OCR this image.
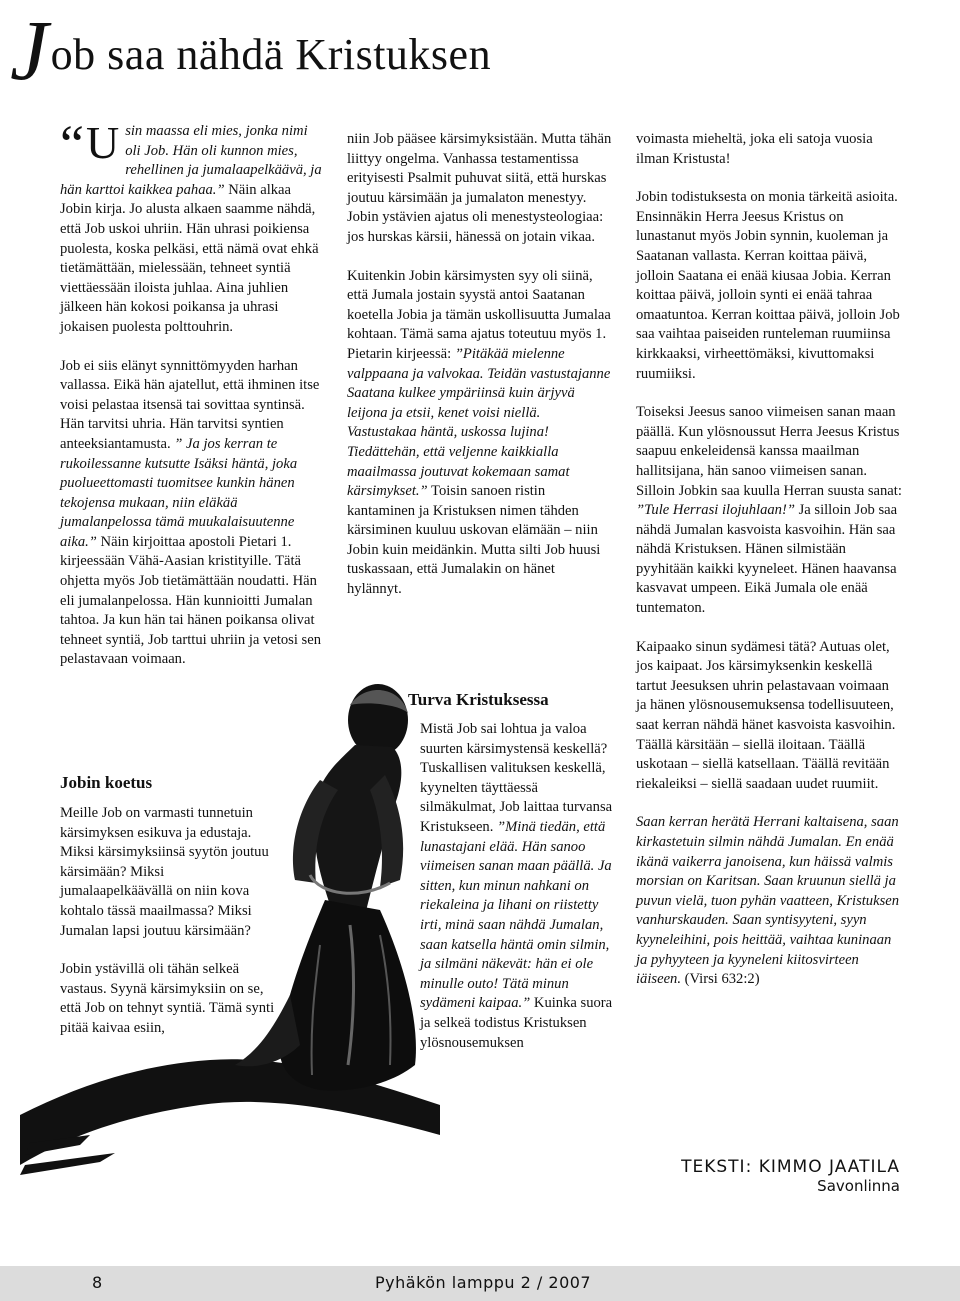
Job saa nähdä Kristuksen

“ U sin maassa eli mies, jonka nimi oli Job. Hän oli kunnon mies, rehellinen ja jumalaapelkäävä, ja hän karttoi kaikkea pahaa.” Näin alkaa Jobin kirja. Jo alusta alkaen saamme nähdä, että Job uskoi uhriin. Hän uhrasi poikiensa puolesta, koska pelkäsi, että nämä ovat ehkä tietämättään, mielessään, tehneet syntiä viettäessään iloista juhlaa. Aina juhlien jälkeen hän kokosi poikansa ja uhrasi jokaisen puolesta polttouhrin.

Job ei siis elänyt synnittömyyden harhan vallassa. Eikä hän ajatellut, että ihminen itse voisi pelastaa itsensä tai sovittaa syntinsä. Hän tarvitsi uhria. Hän tarvitsi syntien anteeksiantamusta. ” Ja jos kerran te rukoilessanne kutsutte Isäksi häntä, joka puolueettomasti tuomitsee kunkin hänen tekojensa mukaan, niin eläkää jumalanpelossa tämä muukalaisuutenne aika.” Näin kirjoittaa apostoli Pietari 1. kirjeessään Vähä-Aasian kristityille. Tätä ohjetta myös Job tietämättään noudatti. Hän eli jumalanpelossa. Hän kunnioitti Jumalan tahtoa. Ja kun hän tai hänen poikansa olivat tehneet syntiä, Job tarttui uhriin ja vetosi sen pelastavaan voimaan.

Jobin koetus

Meille Job on varmasti tunnetuin kärsimyksen esikuva ja edustaja. Miksi kärsimyksiinsä syytön joutuu kärsimään? Miksi jumalaapelkäävällä on niin kova kohtalo tässä maailmassa? Miksi Jumalan lapsi joutuu kärsimään?

Jobin ystävillä oli tähän selkeä vastaus. Syynä kärsimyksiin on se, että Job on tehnyt syntiä. Tämä synti pitää kaivaa esiin,

niin Job pääsee kärsimyksistään. Mutta tähän liittyy ongelma. Vanhassa testamentissa erityisesti Psalmit puhuvat siitä, että hurskas joutuu kärsimään ja jumalaton menestyy. Jobin ystävien ajatus oli menestysteologiaa: jos hurskas kärsii, hänessä on jotain vikaa.

Kuitenkin Jobin kärsimysten syy oli siinä, että Jumala jostain syystä antoi Saatanan koetella Jobia ja tämän uskollisuutta Jumalaa kohtaan. Tämä sama ajatus toteutuu myös 1. Pietarin kirjeessä: ”Pitäkää mielenne valppaana ja valvokaa. Teidän vastustajanne Saatana kulkee ympäriinsä kuin ärjyvä leijona ja etsii, kenet voisi niellä. Vastustakaa häntä, uskossa lujina! Tiedättehän, että veljenne kaikkialla maailmassa joutuvat kokemaan samat kärsimykset.” Toisin sanoen ristin kantaminen ja Kristuksen nimen tähden kärsiminen kuuluu uskovan elämään – niin Jobin kuin meidänkin. Mutta silti Job huusi tuskassaan, että Jumalakin on hänet hylännyt.

Turva Kristuksessa
Mistä Job sai lohtua ja valoa suurten kärsimystensä keskellä? Tuskallisen valituksen keskellä, kyynelten täyttäessä silmäkulmat, Job laittaa turvansa Kristukseen. ”Minä tiedän, että lunastajani elää. Hän sanoo viimeisen sanan maan päällä. Ja sitten, kun minun nahkani on riekaleina ja lihani on riistetty irti, minä saan nähdä Jumalan, saan katsella häntä omin silmin, ja silmäni näkevät: hän ei ole minulle outo! Tätä minun sydämeni kaipaa.” Kuinka suora ja selkeä todistus Kristuksen ylösnousemuksen

voimasta mieheltä, joka eli satoja vuosia ilman Kristusta!

Jobin todistuksesta on monia tärkeitä asioita. Ensinnäkin Herra Jeesus Kristus on lunastanut myös Jobin synnin, kuoleman ja Saatanan vallasta. Kerran koittaa päivä, jolloin Saatana ei enää kiusaa Jobia. Kerran koittaa päivä, jolloin synti ei enää tahraa omaatuntoa. Kerran koittaa päivä, jolloin Job saa vaihtaa paiseiden runteleman ruumiinsa kirkkaaksi, virheettömäksi, kivuttomaksi ruumiiksi.

Toiseksi Jeesus sanoo viimeisen sanan maan päällä. Kun ylösnoussut Herra Jeesus Kristus saapuu enkeleidensä kanssa maailman hallitsijana, hän sanoo viimeisen sanan. Silloin Jobkin saa kuulla Herran suusta sanat: ”Tule Herrasi ilojuhlaan!” Ja silloin Job saa nähdä Jumalan kasvoista kasvoihin. Hän saa nähdä Kristuksen. Hänen silmistään pyyhitään kaikki kyyneleet. Hänen haavansa kasvavat umpeen. Eikä Jumala ole enää tuntematon.

Kaipaako sinun sydämesi tätä? Autuas olet, jos kaipaat. Jos kärsimyksenkin keskellä tartut Jeesuksen uhrin pelastavaan voimaan ja hänen ylösnousemuksensa todellisuuteen, saat kerran nähdä hänet kasvoista kasvoihin. Täällä kärsitään – siellä iloitaan. Täällä uskotaan – siellä katsellaan. Täällä revitään riekaleiksi – siellä saadaan uudet ruumiit.

Saan kerran herätä Herrani kaltaisena, saan kirkastetuin silmin nähdä Jumalan. En enää ikänä vaikerra janoisena, kun häissä valmis morsian on Karitsan. Saan kruunun siellä ja puvun vielä, tuon pyhän vaatteen, Kristuksen vanhurskauden. Saan syntisyyteni, syyn kyyneleihini, pois heittää, vaihtaa kuninaan ja pyhyyteen ja kyyneleni kiitosvirteen iäiseen. (Virsi 632:2)

TEKSTI: KIMMO JAATILA
Savonlinna
8	Pyhäkön lamppu 2 / 2007
